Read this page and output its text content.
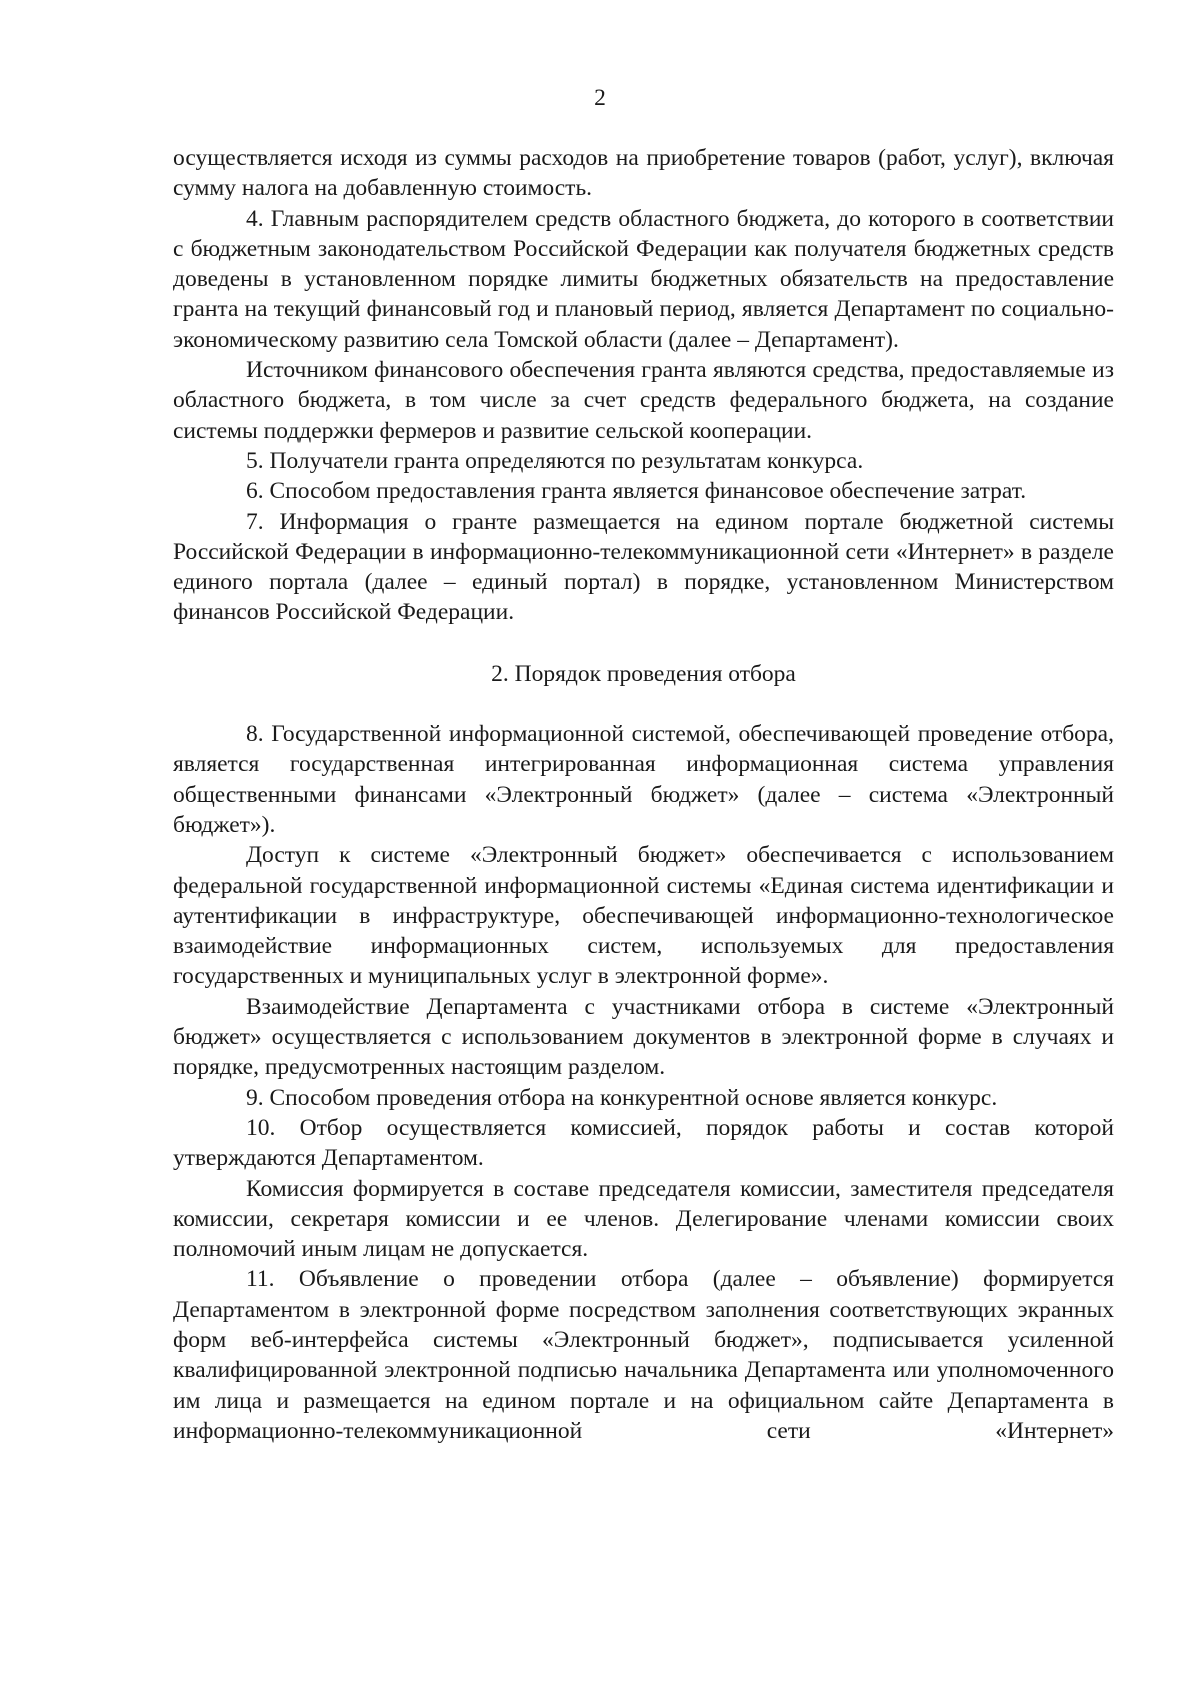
2

осуществляется исходя из суммы расходов на приобретение товаров (работ, услуг), включая сумму налога на добавленную стоимость.

4. Главным распорядителем средств областного бюджета, до которого в соответствии с бюджетным законодательством Российской Федерации как получателя бюджетных средств доведены в установленном порядке лимиты бюджетных обязательств на предоставление гранта на текущий финансовый год и плановый период, является Департамент по социально-экономическому развитию села Томской области (далее – Департамент).

Источником финансового обеспечения гранта являются средства, предоставляемые из областного бюджета, в том числе за счет средств федерального бюджета, на создание системы поддержки фермеров и развитие сельской кооперации.

5. Получатели гранта определяются по результатам конкурса.

6. Способом предоставления гранта является финансовое обеспечение затрат.

7. Информация о гранте размещается на едином портале бюджетной системы Российской Федерации в информационно-телекоммуникационной сети «Интернет» в разделе единого портала (далее – единый портал) в порядке, установленном Министерством финансов Российской Федерации.

2. Порядок проведения отбора

8. Государственной информационной системой, обеспечивающей проведение отбора, является государственная интегрированная информационная система управления общественными финансами «Электронный бюджет» (далее – система «Электронный бюджет»).

Доступ к системе «Электронный бюджет» обеспечивается с использованием федеральной государственной информационной системы «Единая система идентификации и аутентификации в инфраструктуре, обеспечивающей информационно-технологическое взаимодействие информационных систем, используемых для предоставления государственных и муниципальных услуг в электронной форме».

Взаимодействие Департамента с участниками отбора в системе «Электронный бюджет» осуществляется с использованием документов в электронной форме в случаях и порядке, предусмотренных настоящим разделом.

9. Способом проведения отбора на конкурентной основе является конкурс.

10. Отбор осуществляется комиссией, порядок работы и состав которой утверждаются Департаментом.

Комиссия формируется в составе председателя комиссии, заместителя председателя комиссии, секретаря комиссии и ее членов. Делегирование членами комиссии своих полномочий иным лицам не допускается.

11. Объявление о проведении отбора (далее – объявление) формируется Департаментом в электронной форме посредством заполнения соответствующих экранных форм веб-интерфейса системы «Электронный бюджет», подписывается усиленной квалифицированной электронной подписью начальника Департамента или уполномоченного им лица и размещается на едином портале и на официальном сайте Департамента в информационно-телекоммуникационной сети «Интернет»
